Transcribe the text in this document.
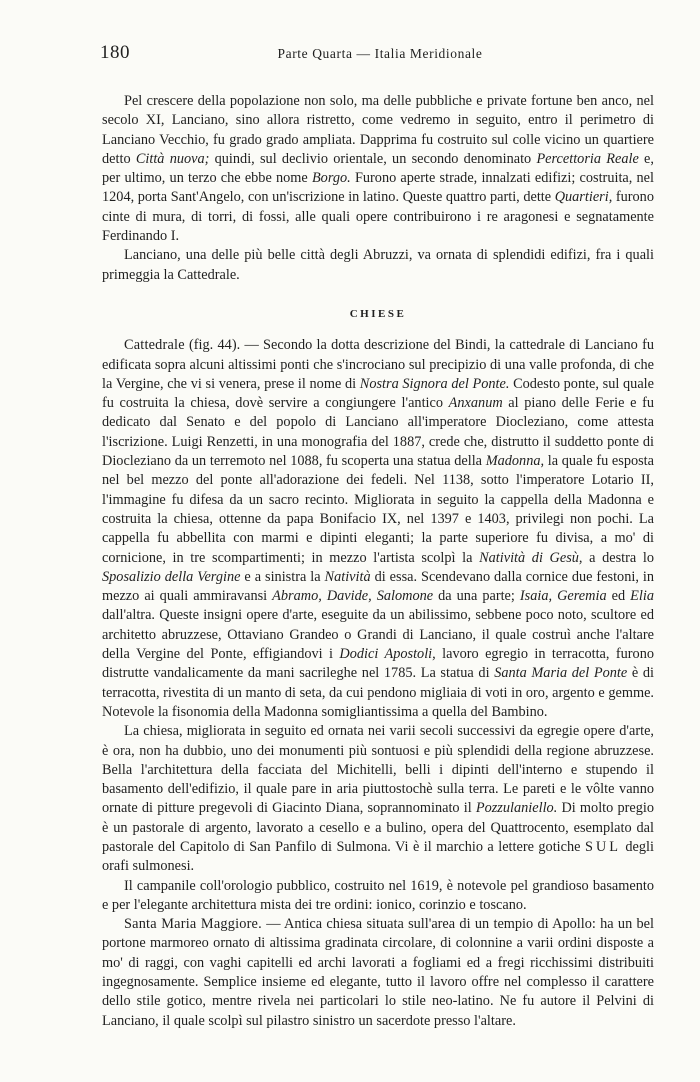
180	Parte Quarta — Italia Meridionale

Pel crescere della popolazione non solo, ma delle pubbliche e private fortune ben anco, nel secolo XI, Lanciano, sino allora ristretto, come vedremo in seguito, entro il perimetro di Lanciano Vecchio, fu grado grado ampliata. Dapprima fu costruito sul colle vicino un quartiere detto Città nuova; quindi, sul declivio orientale, un secondo denominato Percettoria Reale e, per ultimo, un terzo che ebbe nome Borgo. Furono aperte strade, innalzati edifizi; costruita, nel 1204, porta Sant'Angelo, con un'iscrizione in latino. Queste quattro parti, dette Quartieri, furono cinte di mura, di torri, di fossi, alle quali opere contribuirono i re aragonesi e segnatamente Ferdinando I.

Lanciano, una delle più belle città degli Abruzzi, va ornata di splendidi edifizi, fra i quali primeggia la Cattedrale.

CHIESE

Cattedrale (fig. 44). — Secondo la dotta descrizione del Bindi, la cattedrale di Lanciano fu edificata sopra alcuni altissimi ponti che s'incrociano sul precipizio di una valle profonda, di che la Vergine, che vi si venera, prese il nome di Nostra Signora del Ponte. Codesto ponte, sul quale fu costruita la chiesa, dovè servire a congiungere l'antico Anxanum al piano delle Ferie e fu dedicato dal Senato e del popolo di Lanciano all'imperatore Diocleziano, come attesta l'iscrizione. Luigi Renzetti, in una monografia del 1887, crede che, distrutto il suddetto ponte di Diocleziano da un terremoto nel 1088, fu scoperta una statua della Madonna, la quale fu esposta nel bel mezzo del ponte all'adorazione dei fedeli. Nel 1138, sotto l'imperatore Lotario II, l'immagine fu difesa da un sacro recinto. Migliorata in seguito la cappella della Madonna e costruita la chiesa, ottenne da papa Bonifacio IX, nel 1397 e 1403, privilegi non pochi. La cappella fu abbellita con marmi e dipinti eleganti; la parte superiore fu divisa, a mo' di cornicione, in tre scompartimenti; in mezzo l'artista scolpì la Natività di Gesù, a destra lo Sposalizio della Vergine e a sinistra la Natività di essa. Scendevano dalla cornice due festoni, in mezzo ai quali ammiravansi Abramo, Davide, Salomone da una parte; Isaia, Geremia ed Elia dall'altra. Queste insigni opere d'arte, eseguite da un abilissimo, sebbene poco noto, scultore ed architetto abruzzese, Ottaviano Grandeo o Grandi di Lanciano, il quale costruì anche l'altare della Vergine del Ponte, effigiandovi i Dodici Apostoli, lavoro egregio in terracotta, furono distrutte vandalicamente da mani sacrileghe nel 1785. La statua di Santa Maria del Ponte è di terracotta, rivestita di un manto di seta, da cui pendono migliaia di voti in oro, argento e gemme. Notevole la fisonomia della Madonna somigliantissima a quella del Bambino.

La chiesa, migliorata in seguito ed ornata nei varii secoli successivi da egregie opere d'arte, è ora, non ha dubbio, uno dei monumenti più sontuosi e più splendidi della regione abruzzese. Bella l'architettura della facciata del Michitelli, belli i dipinti dell'interno e stupendo il basamento dell'edifizio, il quale pare in aria piuttostochè sulla terra. Le pareti e le vôlte vanno ornate di pitture pregevoli di Giacinto Diana, soprannominato il Pozzulaniello. Di molto pregio è un pastorale di argento, lavorato a cesello e a bulino, opera del Quattrocento, esemplato dal pastorale del Capitolo di San Panfilo di Sulmona. Vi è il marchio a lettere gotiche SUL degli orafi sulmonesi.

Il campanile coll'orologio pubblico, costruito nel 1619, è notevole pel grandioso basamento e per l'elegante architettura mista dei tre ordini: ionico, corinzio e toscano.

Santa Maria Maggiore. — Antica chiesa situata sull'area di un tempio di Apollo: ha un bel portone marmoreo ornato di altissima gradinata circolare, di colonnine a varii ordini disposte a mo' di raggi, con vaghi capitelli ed archi lavorati a fogliami ed a fregi ricchissimi distribuiti ingegnosamente. Semplice insieme ed elegante, tutto il lavoro offre nel complesso il carattere dello stile gotico, mentre rivela nei particolari lo stile neo-latino. Ne fu autore il Pelvini di Lanciano, il quale scolpì sul pilastro sinistro un sacerdote presso l'altare.
